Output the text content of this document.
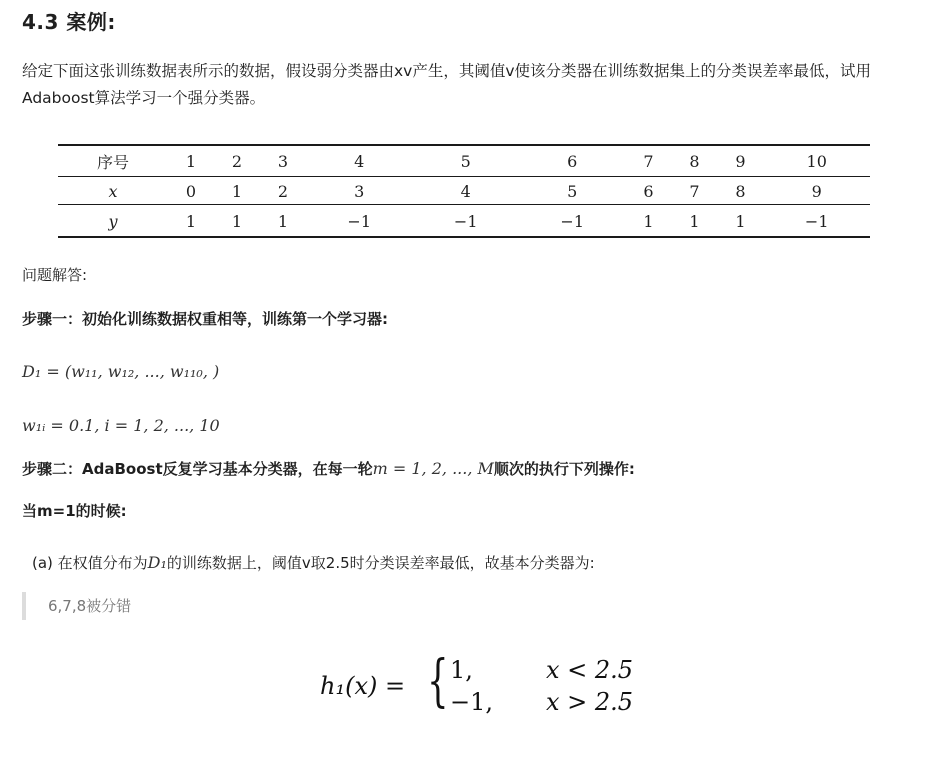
4.3 案例:
给定下面这张训练数据表所示的数据，假设弱分类器由xv产生，其阈值v使该分类器在训练数据集上的分类误差率最低，试用Adaboost算法学习一个强分类器。
序号	1	2	3	4	5	6	7	8	9	10
x	0	1	2	3	4	5	6	7	8	9
y	1	1	1	−1	−1	−1	1	1	1	−1
问题解答:
步骤一：初始化训练数据权重相等，训练第一个学习器:
D₁ = (w₁₁, w₁₂, ..., w₁₁₀, )
w₁ᵢ = 0.1, i = 1, 2, ..., 10
步骤二：AdaBoost反复学习基本分类器，在每一轮m = 1, 2, ..., M顺次的执行下列操作:
当m=1的时候:
(a) 在权值分布为D₁的训练数据上，阈值v取2.5时分类误差率最低，故基本分类器为:
6,7,8被分错
h₁(x) = { 1,	x < 2.5
−1, x > 2.5
